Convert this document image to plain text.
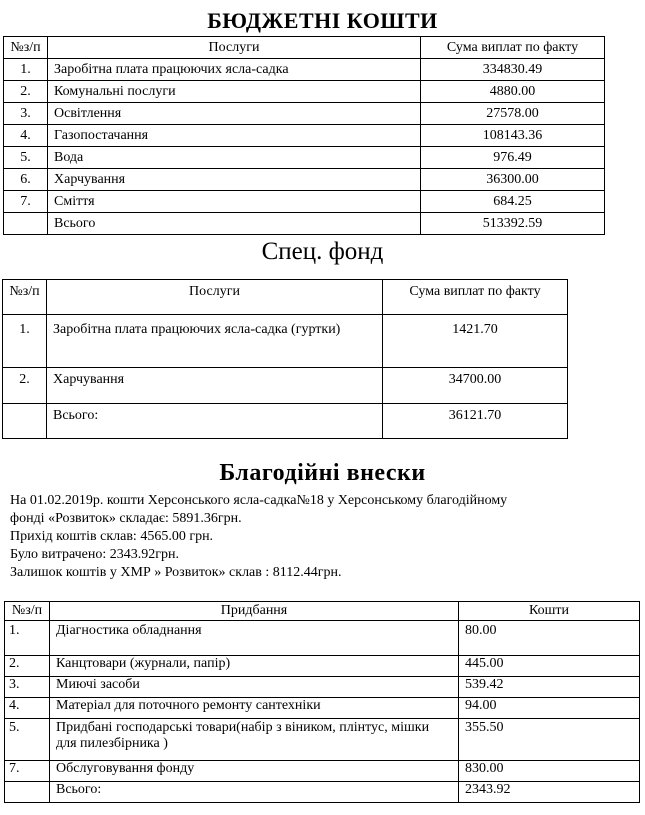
БЮДЖЕТНІ КОШТИ
№з/п	Послуги	Сума виплат по факту
1.	Заробітна плата працюючих ясла-садка	334830.49
2.	Комунальні послуги	4880.00
3.	Освітлення	27578.00
4.	Газопостачання	108143.36
5.	Вода	976.49
6.	Харчування	36300.00
7.	Сміття	684.25
	Всього	513392.59
Спец. фонд
№з/п	Послуги	Сума виплат по факту
1.	Заробітна плата працюючих ясла-садка (гуртки)	1421.70
2.	Харчування	34700.00
	Всього:	36121.70
Благодійні внески
На 01.02.2019р. кошти Херсонського ясла-садка№18 у Херсонському благодійному
фонді «Розвиток» складає: 5891.36грн.
Прихід коштів склав: 4565.00 грн.
Було витрачено: 2343.92грн.
Залишок коштів у ХМР » Розвиток» склав : 8112.44грн.
№з/п	Придбання	Кошти
1.	Діагностика обладнання	80.00
2.	Канцтовари (журнали, папір)	445.00
3.	Миючі засоби	539.42
4.	Матеріал для поточного ремонту сантехніки	94.00
5.	Придбані господарські товари(набір з віником, плінтус, мішки для пилезбірника )	355.50
7.	Обслуговування фонду	830.00
	Всього:	2343.92
